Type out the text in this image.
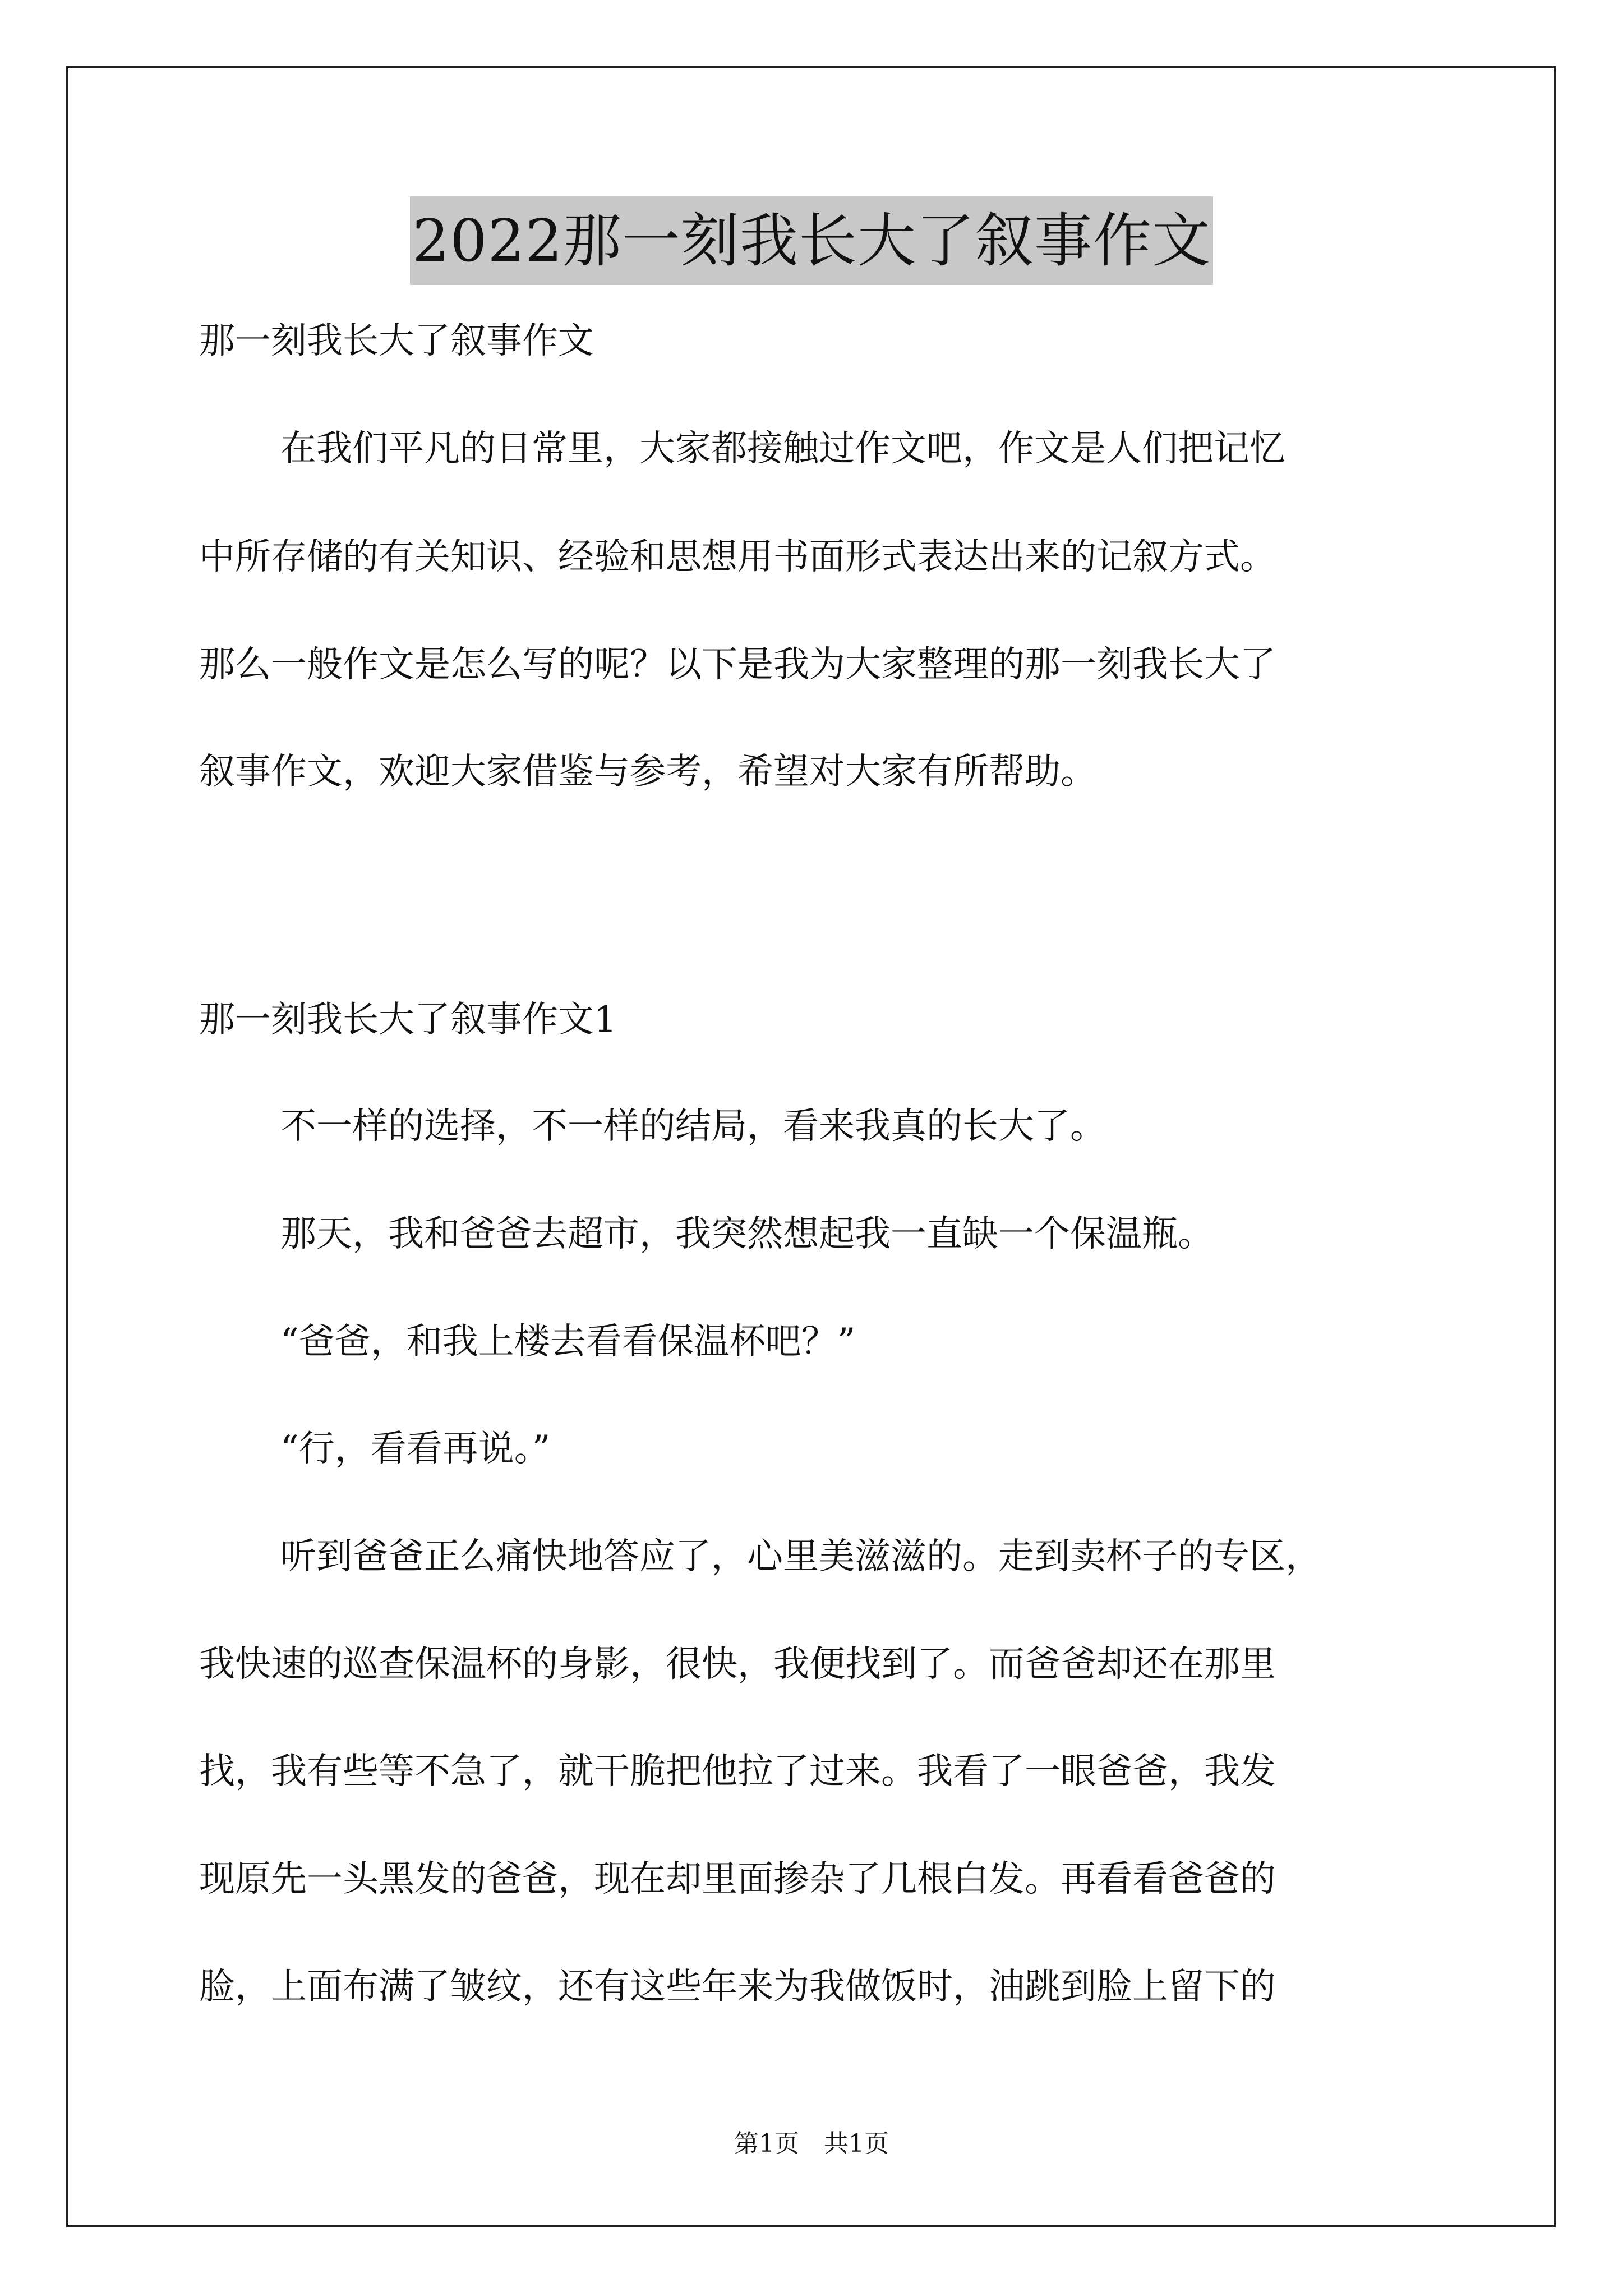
2022那一刻我长大了叙事作文
那一刻我长大了叙事作文
在我们平凡的日常里，大家都接触过作文吧，作文是人们把记忆
中所存储的有关知识、经验和思想用书面形式表达出来的记叙方式。
那么一般作文是怎么写的呢？以下是我为大家整理的那一刻我长大了
叙事作文，欢迎大家借鉴与参考，希望对大家有所帮助。
那一刻我长大了叙事作文1
不一样的选择，不一样的结局，看来我真的长大了。
那天，我和爸爸去超市，我突然想起我一直缺一个保温瓶。
“爸爸，和我上楼去看看保温杯吧？”
“行，看看再说。”
听到爸爸正么痛快地答应了，心里美滋滋的。走到卖杯子的专区，
我快速的巡查保温杯的身影，很快，我便找到了。而爸爸却还在那里
找，我有些等不急了，就干脆把他拉了过来。我看了一眼爸爸，我发
现原先一头黑发的爸爸，现在却里面掺杂了几根白发。再看看爸爸的
脸，上面布满了皱纹，还有这些年来为我做饭时，油跳到脸上留下的
第1页　共1页
